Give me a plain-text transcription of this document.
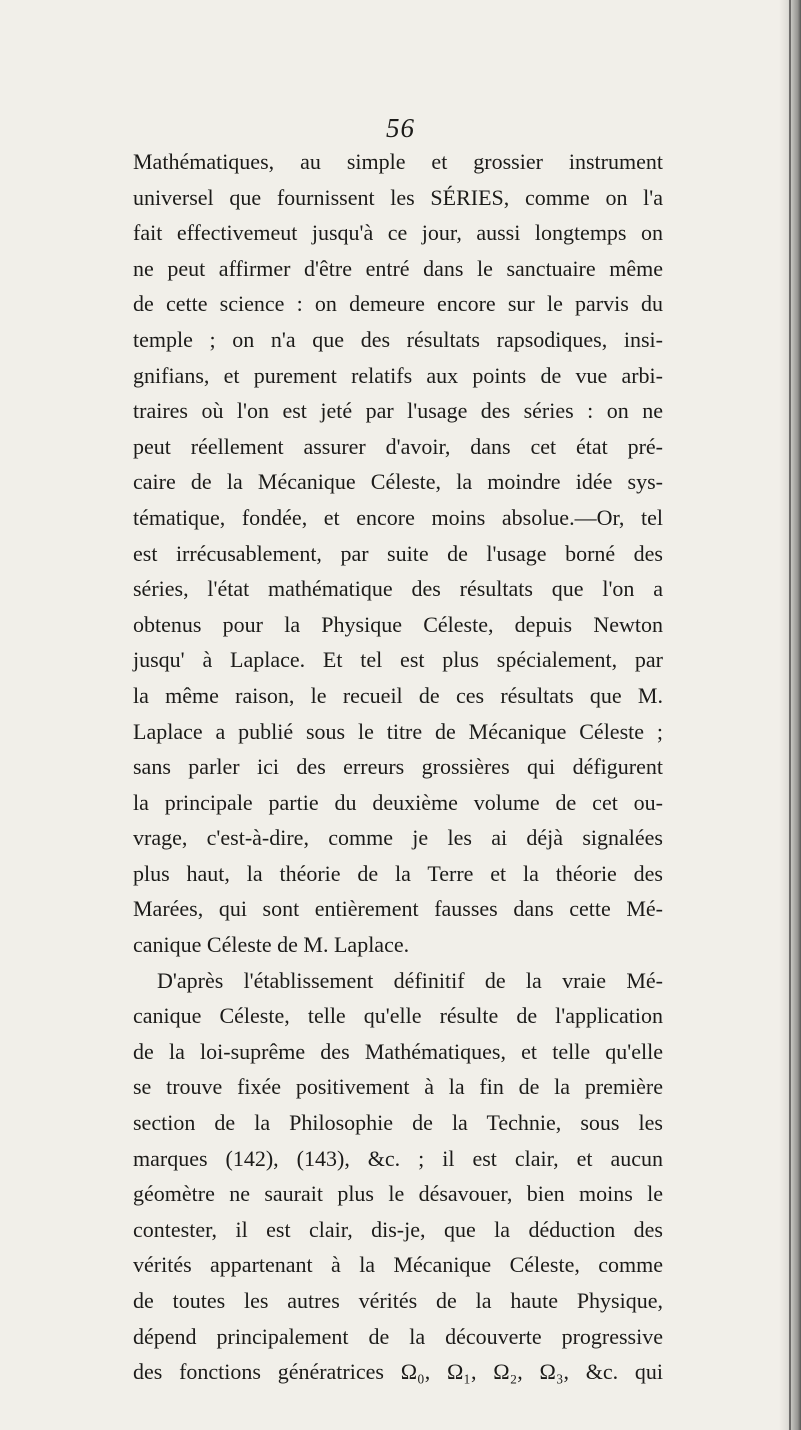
56
Mathématiques, au simple et grossier instrument
universel que fournissent les SÉRIES, comme on l'a
fait effectivemeut jusqu'à ce jour, aussi longtemps on
ne peut affirmer d'être entré dans le sanctuaire même
de cette science : on demeure encore sur le parvis du
temple ; on n'a que des résultats rapsodiques, insi-
gnifians, et purement relatifs aux points de vue arbi-
traires où l'on est jeté par l'usage des séries : on ne
peut réellement assurer d'avoir, dans cet état pré-
caire de la Mécanique Céleste, la moindre idée sys-
tématique, fondée, et encore moins absolue.—Or, tel
est irrécusablement, par suite de l'usage borné des
séries, l'état mathématique des résultats que l'on a
obtenus pour la Physique Céleste, depuis Newton
jusqu' à Laplace. Et tel est plus spécialement, par
la même raison, le recueil de ces résultats que M.
Laplace a publié sous le titre de Mécanique Céleste ;
sans parler ici des erreurs grossières qui défigurent
la principale partie du deuxième volume de cet ou-
vrage, c'est-à-dire, comme je les ai déjà signalées
plus haut, la théorie de la Terre et la théorie des
Marées, qui sont entièrement fausses dans cette Mé-
canique Céleste de M. Laplace.
D'après l'établissement définitif de la vraie Mé-
canique Céleste, telle qu'elle résulte de l'application
de la loi-suprême des Mathématiques, et telle qu'elle
se trouve fixée positivement à la fin de la première
section de la Philosophie de la Technie, sous les
marques (142), (143), &c. ; il est clair, et aucun
géomètre ne saurait plus le désavouer, bien moins le
contester, il est clair, dis-je, que la déduction des
vérités appartenant à la Mécanique Céleste, comme
de toutes les autres vérités de la haute Physique,
dépend principalement de la découverte progressive
des fonctions génératrices Ω₀, Ω₁, Ω₂, Ω₃, &c. qui
